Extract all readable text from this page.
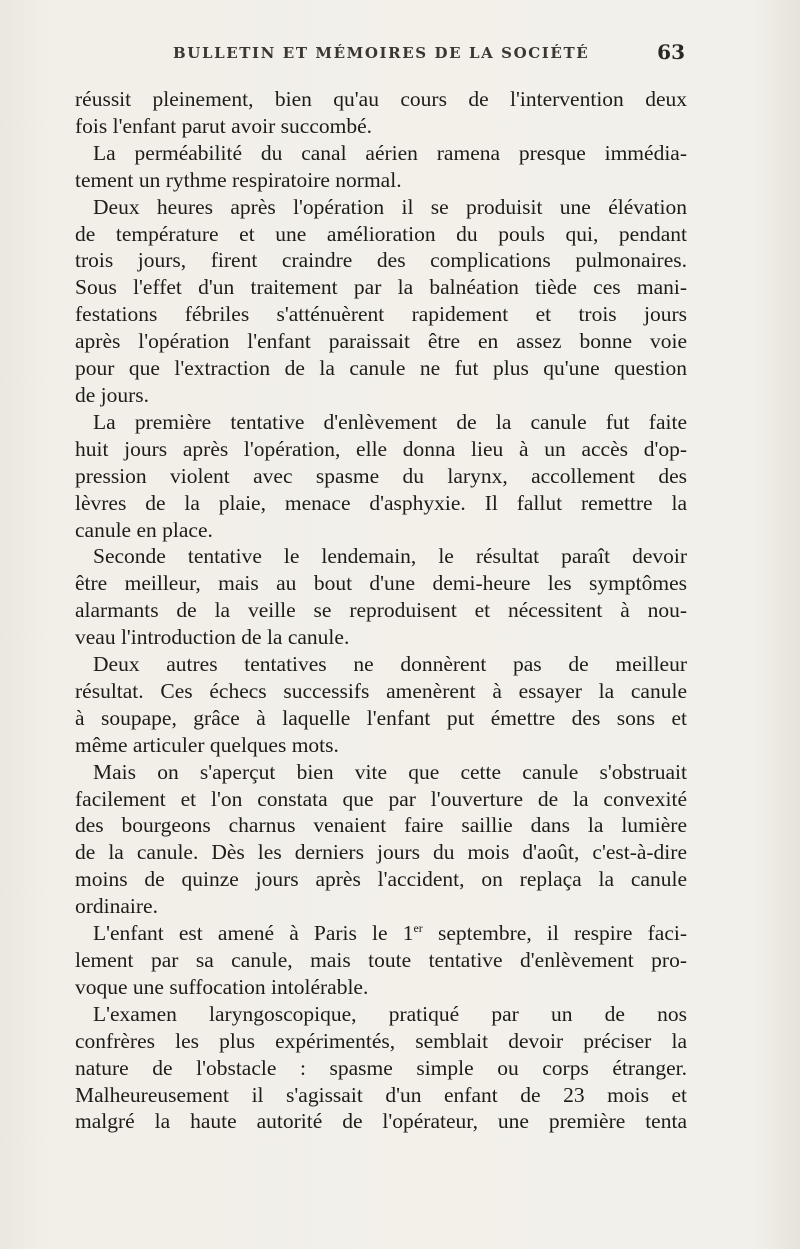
BULLETIN ET MÉMOIRES DE LA SOCIÉTÉ	63
réussit pleinement, bien qu'au cours de l'intervention deux
fois l'enfant parut avoir succombé.
La perméabilité du canal aérien ramena presque immédia-
tement un rythme respiratoire normal.
Deux heures après l'opération il se produisit une élévation
de température et une amélioration du pouls qui, pendant
trois jours, firent craindre des complications pulmonaires.
Sous l'effet d'un traitement par la balnéation tiède ces mani-
festations fébriles s'atténuèrent rapidement et trois jours
après l'opération l'enfant paraissait être en assez bonne voie
pour que l'extraction de la canule ne fut plus qu'une question
de jours.
La première tentative d'enlèvement de la canule fut faite
huit jours après l'opération, elle donna lieu à un accès d'op-
pression violent avec spasme du larynx, accollement des
lèvres de la plaie, menace d'asphyxie. Il fallut remettre la
canule en place.
Seconde tentative le lendemain, le résultat paraît devoir
être meilleur, mais au bout d'une demi-heure les symptômes
alarmants de la veille se reproduisent et nécessitent à nou-
veau l'introduction de la canule.
Deux autres tentatives ne donnèrent pas de meilleur
résultat. Ces échecs successifs amenèrent à essayer la canule
à soupape, grâce à laquelle l'enfant put émettre des sons et
même articuler quelques mots.
Mais on s'aperçut bien vite que cette canule s'obstruait
facilement et l'on constata que par l'ouverture de la convexité
des bourgeons charnus venaient faire saillie dans la lumière
de la canule. Dès les derniers jours du mois d'août, c'est-à-dire
moins de quinze jours après l'accident, on replaça la canule
ordinaire.
L'enfant est amené à Paris le 1er septembre, il respire faci-
lement par sa canule, mais toute tentative d'enlèvement pro-
voque une suffocation intolérable.
L'examen laryngoscopique, pratiqué par un de nos
confrères les plus expérimentés, semblait devoir préciser la
nature de l'obstacle : spasme simple ou corps étranger.
Malheureusement il s'agissait d'un enfant de 23 mois et
malgré la haute autorité de l'opérateur, une première tenta
